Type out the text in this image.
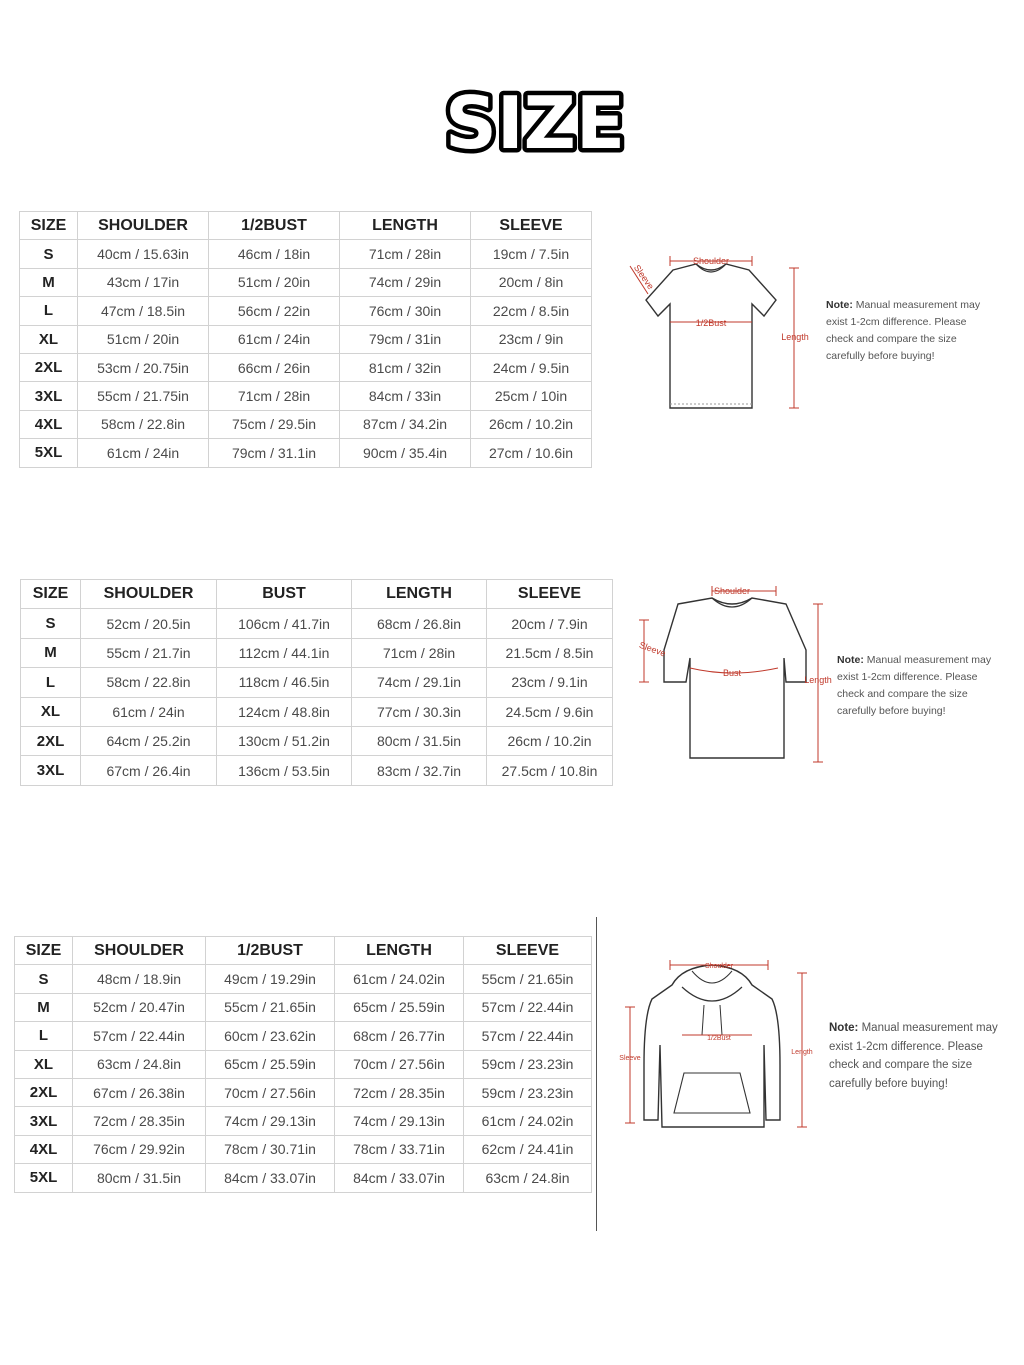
SIZE
SIZE	SHOULDER	1/2BUST	LENGTH	SLEEVE
S	40cm / 15.63in	46cm / 18in	71cm / 28in	19cm / 7.5in
M	43cm / 17in	51cm / 20in	74cm / 29in	20cm / 8in
L	47cm / 18.5in	56cm / 22in	76cm / 30in	22cm / 8.5in
XL	51cm / 20in	61cm / 24in	79cm / 31in	23cm / 9in
2XL	53cm / 20.75in	66cm / 26in	81cm / 32in	24cm / 9.5in
3XL	55cm / 21.75in	71cm / 28in	84cm / 33in	25cm / 10in
4XL	58cm / 22.8in	75cm / 29.5in	87cm / 34.2in	26cm / 10.2in
5XL	61cm / 24in	79cm / 31.1in	90cm / 35.4in	27cm / 10.6in
Shoulder
1/2Bust
Length
Sleeve
Note: Manual measurement may
exist 1-2cm difference. Please
check and compare the size
carefully before buying!
SIZE	SHOULDER	BUST	LENGTH	SLEEVE
S	52cm / 20.5in	106cm / 41.7in	68cm / 26.8in	20cm / 7.9in
M	55cm / 21.7in	112cm / 44.1in	71cm / 28in	21.5cm / 8.5in
L	58cm / 22.8in	118cm / 46.5in	74cm / 29.1in	23cm / 9.1in
XL	61cm / 24in	124cm / 48.8in	77cm / 30.3in	24.5cm / 9.6in
2XL	64cm / 25.2in	130cm / 51.2in	80cm / 31.5in	26cm / 10.2in
3XL	67cm / 26.4in	136cm / 53.5in	83cm / 32.7in	27.5cm / 10.8in
Shoulder
Bust
Length
Sleeve
Note: Manual measurement may
exist 1-2cm difference. Please
check and compare the size
carefully before buying!
SIZE	SHOULDER	1/2BUST	LENGTH	SLEEVE
S	48cm / 18.9in	49cm / 19.29in	61cm / 24.02in	55cm / 21.65in
M	52cm / 20.47in	55cm / 21.65in	65cm / 25.59in	57cm / 22.44in
L	57cm / 22.44in	60cm / 23.62in	68cm / 26.77in	57cm / 22.44in
XL	63cm / 24.8in	65cm / 25.59in	70cm / 27.56in	59cm / 23.23in
2XL	67cm / 26.38in	70cm / 27.56in	72cm / 28.35in	59cm / 23.23in
3XL	72cm / 28.35in	74cm / 29.13in	74cm / 29.13in	61cm / 24.02in
4XL	76cm / 29.92in	78cm / 30.71in	78cm / 33.71in	62cm / 24.41in
5XL	80cm / 31.5in	84cm / 33.07in	84cm / 33.07in	63cm / 24.8in
Shoulder
1/2Bust
Length
Sleeve
Note: Manual measurement may
exist 1-2cm difference. Please
check and compare the size
carefully before buying!
